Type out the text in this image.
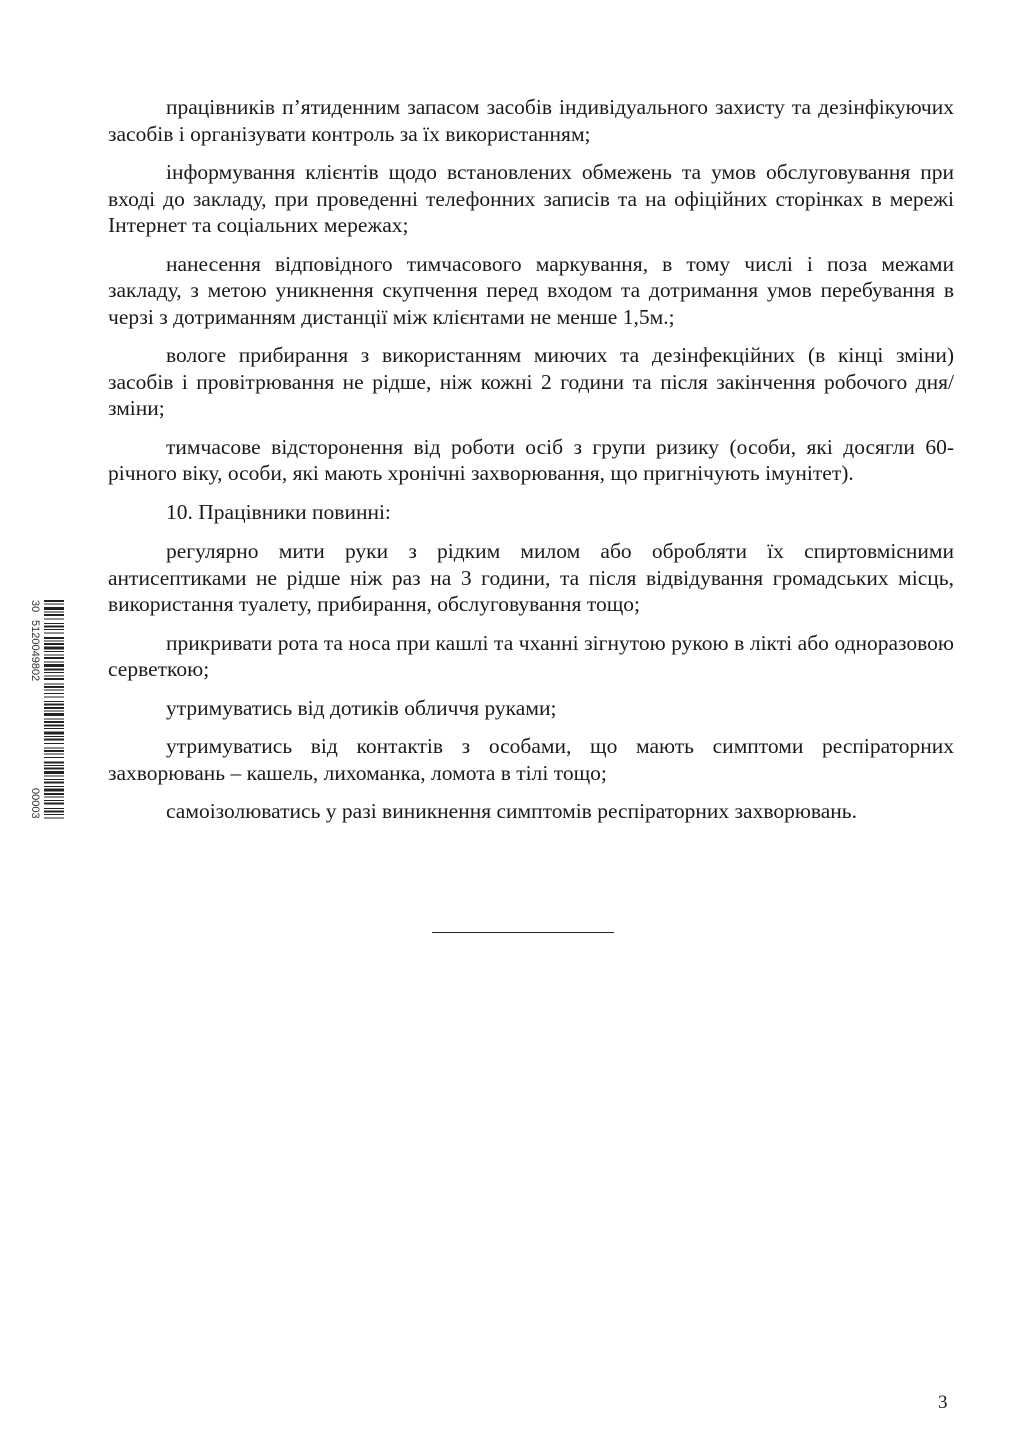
працівників п’ятиденним запасом засобів індивідуального захисту та дезінфікуючих засобів і організувати контроль за їх використанням;

інформування клієнтів щодо встановлених обмежень та умов обслуговування при вході до закладу, при проведенні телефонних записів та на офіційних сторінках в мережі Інтернет та соціальних мережах;

нанесення відповідного тимчасового маркування, в тому числі і поза межами закладу, з метою уникнення скупчення перед входом та дотримання умов перебування в черзі з дотриманням дистанції між клієнтами не менше 1,5м.;

вологе прибирання з використанням миючих та дезінфекційних (в кінці зміни) засобів і провітрювання не рідше, ніж кожні 2 години та після закінчення робочого дня/зміни;

тимчасове відсторонення від роботи осіб з групи ризику (особи, які досягли 60-річного віку, особи, які мають хронічні захворювання, що пригнічують імунітет).

10. Працівники повинні:

регулярно мити руки з рідким милом або обробляти їх спиртовмісними антисептиками не рідше ніж раз на 3 години, та після відвідування громадських місць, використання туалету, прибирання, обслуговування тощо;

прикривати рота та носа при кашлі та чханні зігнутою рукою в лікті або одноразовою серветкою;

утримуватись від дотиків обличчя руками;

утримуватись від контактів з особами, що мають симптоми респіраторних захворювань – кашель, лихоманка, ломота в тілі тощо;

самоізолюватись у разі виникнення симптомів респіраторних захворювань.

3
30
5120049802
00003
